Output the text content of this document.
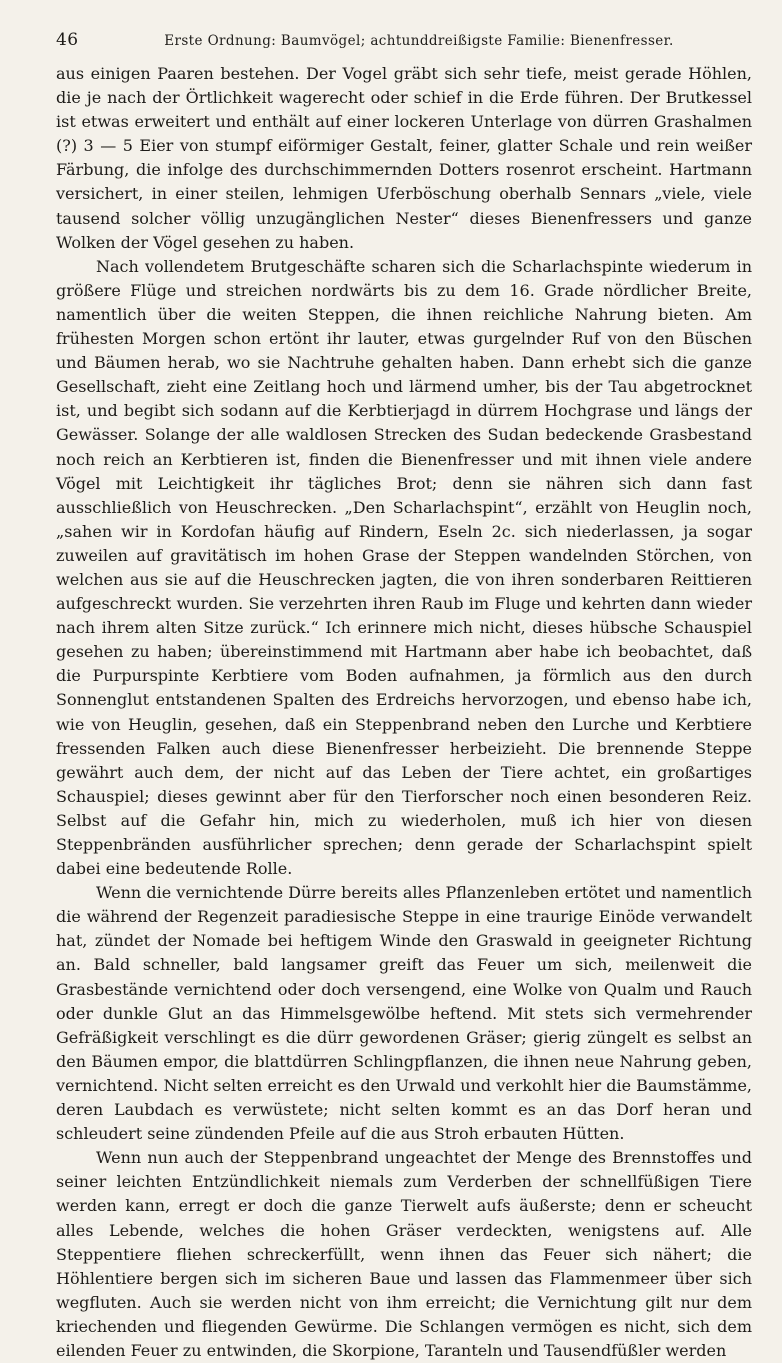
46	Erste Ordnung: Baumvögel; achtunddreißigste Familie: Bienenfresser.

aus einigen Paaren bestehen. Der Vogel gräbt sich sehr tiefe, meist gerade Höhlen, die je nach der Örtlichkeit wagerecht oder schief in die Erde führen. Der Brutkessel ist etwas erweitert und enthält auf einer lockeren Unterlage von dürren Grashalmen (?) 3 — 5 Eier von stumpf eiförmiger Gestalt, feiner, glatter Schale und rein weißer Färbung, die infolge des durchschimmernden Dotters rosenrot erscheint. Hartmann versichert, in einer steilen, lehmigen Uferböschung oberhalb Sennars „viele, viele tausend solcher völlig unzugänglichen Nester“ dieses Bienenfressers und ganze Wolken der Vögel gesehen zu haben.

Nach vollendetem Brutgeschäfte scharen sich die Scharlachspinte wiederum in größere Flüge und streichen nordwärts bis zu dem 16. Grade nördlicher Breite, namentlich über die weiten Steppen, die ihnen reichliche Nahrung bieten. Am frühesten Morgen schon ertönt ihr lauter, etwas gurgelnder Ruf von den Büschen und Bäumen herab, wo sie Nachtruhe gehalten haben. Dann erhebt sich die ganze Gesellschaft, zieht eine Zeitlang hoch und lärmend umher, bis der Tau abgetrocknet ist, und begibt sich sodann auf die Kerbtierjagd in dürrem Hochgrase und längs der Gewässer. Solange der alle waldlosen Strecken des Sudan bedeckende Grasbestand noch reich an Kerbtieren ist, finden die Bienenfresser und mit ihnen viele andere Vögel mit Leichtigkeit ihr tägliches Brot; denn sie nähren sich dann fast ausschließlich von Heuschrecken. „Den Scharlachspint“, erzählt von Heuglin noch, „sahen wir in Kordofan häufig auf Rindern, Eseln 2c. sich niederlassen, ja sogar zuweilen auf gravitätisch im hohen Grase der Steppen wandelnden Störchen, von welchen aus sie auf die Heuschrecken jagten, die von ihren sonderbaren Reittieren aufgeschreckt wurden. Sie verzehrten ihren Raub im Fluge und kehrten dann wieder nach ihrem alten Sitze zurück.“ Ich erinnere mich nicht, dieses hübsche Schauspiel gesehen zu haben; übereinstimmend mit Hartmann aber habe ich beobachtet, daß die Purpurspinte Kerbtiere vom Boden aufnahmen, ja förmlich aus den durch Sonnenglut entstandenen Spalten des Erdreichs hervorzogen, und ebenso habe ich, wie von Heuglin, gesehen, daß ein Steppenbrand neben den Lurche und Kerbtiere fressenden Falken auch diese Bienenfresser herbeizieht. Die brennende Steppe gewährt auch dem, der nicht auf das Leben der Tiere achtet, ein großartiges Schauspiel; dieses gewinnt aber für den Tierforscher noch einen besonderen Reiz. Selbst auf die Gefahr hin, mich zu wiederholen, muß ich hier von diesen Steppenbränden ausführlicher sprechen; denn gerade der Scharlachspint spielt dabei eine bedeutende Rolle.

Wenn die vernichtende Dürre bereits alles Pflanzenleben ertötet und namentlich die während der Regenzeit paradiesische Steppe in eine traurige Einöde verwandelt hat, zündet der Nomade bei heftigem Winde den Graswald in geeigneter Richtung an. Bald schneller, bald langsamer greift das Feuer um sich, meilenweit die Grasbestände vernichtend oder doch versengend, eine Wolke von Qualm und Rauch oder dunkle Glut an das Himmelsgewölbe heftend. Mit stets sich vermehrender Gefräßigkeit verschlingt es die dürr gewordenen Gräser; gierig züngelt es selbst an den Bäumen empor, die blattdürren Schlingpflanzen, die ihnen neue Nahrung geben, vernichtend. Nicht selten erreicht es den Urwald und verkohlt hier die Baumstämme, deren Laubdach es verwüstete; nicht selten kommt es an das Dorf heran und schleudert seine zündenden Pfeile auf die aus Stroh erbauten Hütten.

Wenn nun auch der Steppenbrand ungeachtet der Menge des Brennstoffes und seiner leichten Entzündlichkeit niemals zum Verderben der schnellfüßigen Tiere werden kann, erregt er doch die ganze Tierwelt aufs äußerste; denn er scheucht alles Lebende, welches die hohen Gräser verdeckten, wenigstens auf. Alle Steppentiere fliehen schreckerfüllt, wenn ihnen das Feuer sich nähert; die Höhlentiere bergen sich im sicheren Baue und lassen das Flammenmeer über sich wegfluten. Auch sie werden nicht von ihm erreicht; die Vernichtung gilt nur dem kriechenden und fliegenden Gewürme. Die Schlangen vermögen es nicht, sich dem eilenden Feuer zu entwinden, die Skorpione, Taranteln und Tausendfüßler werden
